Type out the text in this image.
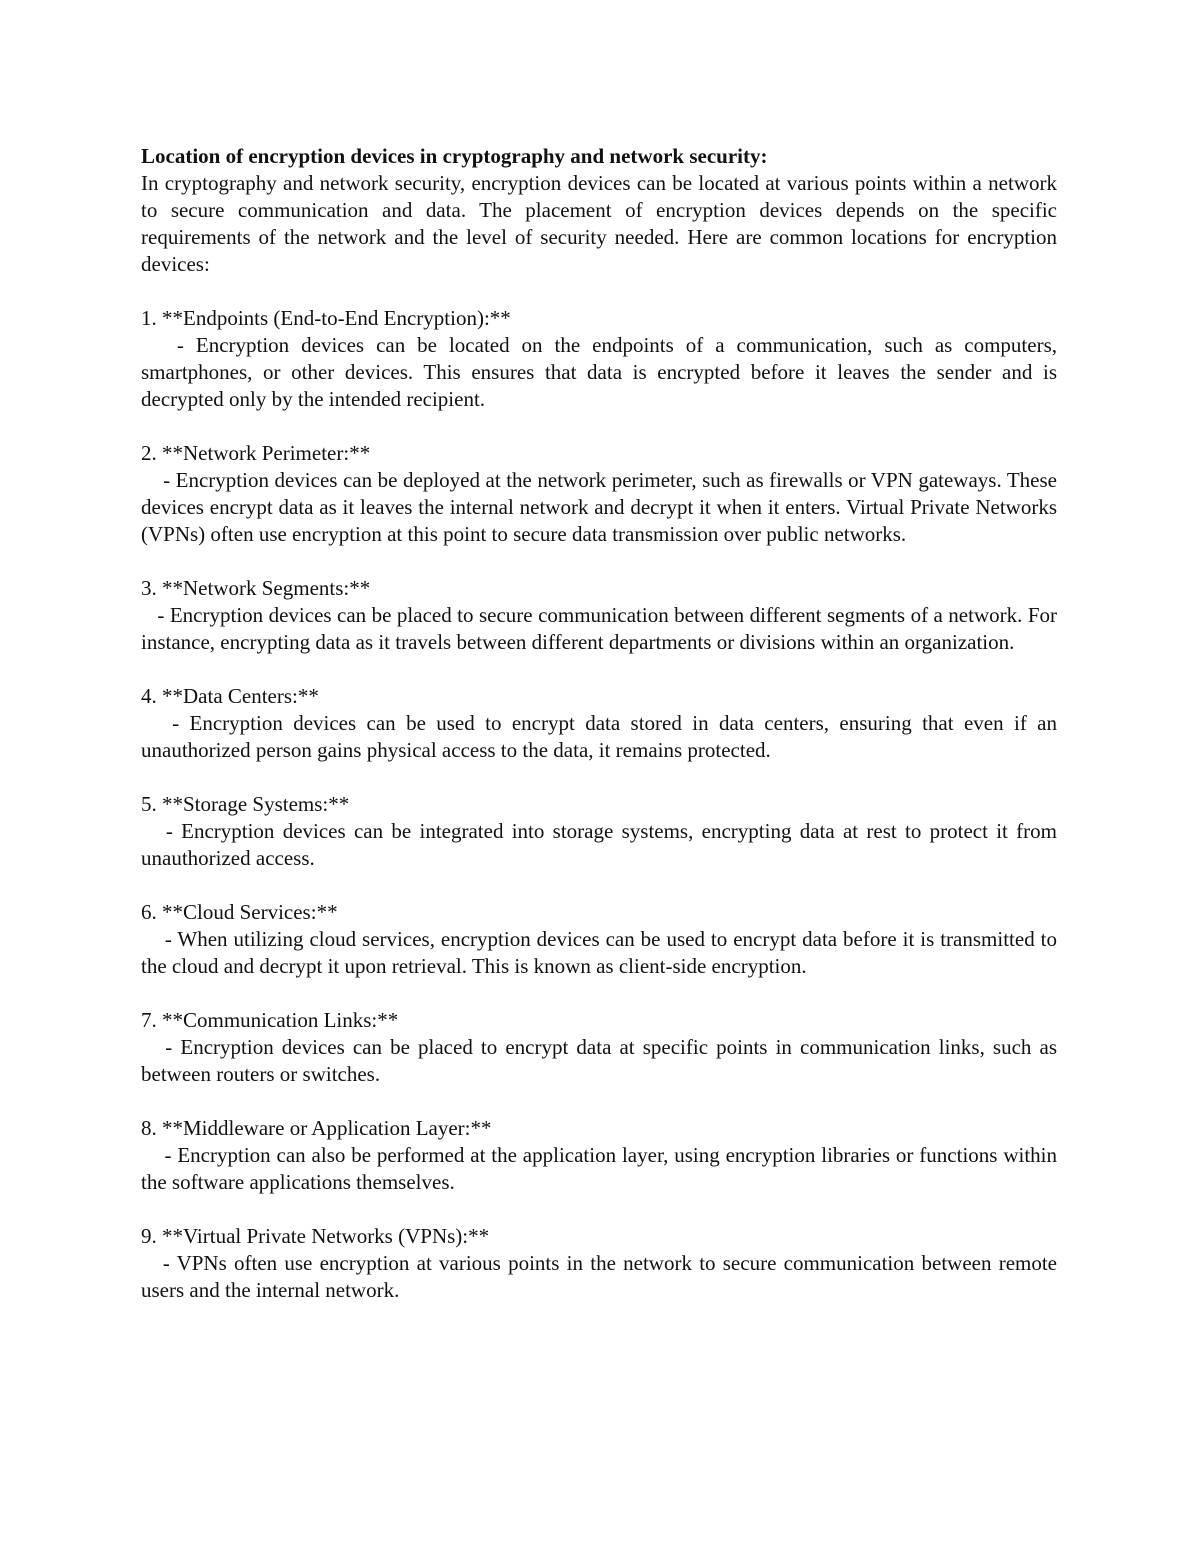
Location of encryption devices in cryptography and network security:

In cryptography and network security, encryption devices can be located at various points within a network to secure communication and data. The placement of encryption devices depends on the specific requirements of the network and the level of security needed. Here are common locations for encryption devices:

1. **Endpoints (End-to-End Encryption):**

- Encryption devices can be located on the endpoints of a communication, such as computers, smartphones, or other devices. This ensures that data is encrypted before it leaves the sender and is decrypted only by the intended recipient.

2. **Network Perimeter:**

- Encryption devices can be deployed at the network perimeter, such as firewalls or VPN gateways. These devices encrypt data as it leaves the internal network and decrypt it when it enters. Virtual Private Networks (VPNs) often use encryption at this point to secure data transmission over public networks.

3. **Network Segments:**

- Encryption devices can be placed to secure communication between different segments of a network. For instance, encrypting data as it travels between different departments or divisions within an organization.

4. **Data Centers:**

- Encryption devices can be used to encrypt data stored in data centers, ensuring that even if an unauthorized person gains physical access to the data, it remains protected.

5. **Storage Systems:**

- Encryption devices can be integrated into storage systems, encrypting data at rest to protect it from unauthorized access.

6. **Cloud Services:**

- When utilizing cloud services, encryption devices can be used to encrypt data before it is transmitted to the cloud and decrypt it upon retrieval. This is known as client-side encryption.

7. **Communication Links:**

- Encryption devices can be placed to encrypt data at specific points in communication links, such as between routers or switches.

8. **Middleware or Application Layer:**

- Encryption can also be performed at the application layer, using encryption libraries or functions within the software applications themselves.

9. **Virtual Private Networks (VPNs):**

- VPNs often use encryption at various points in the network to secure communication between remote users and the internal network.
